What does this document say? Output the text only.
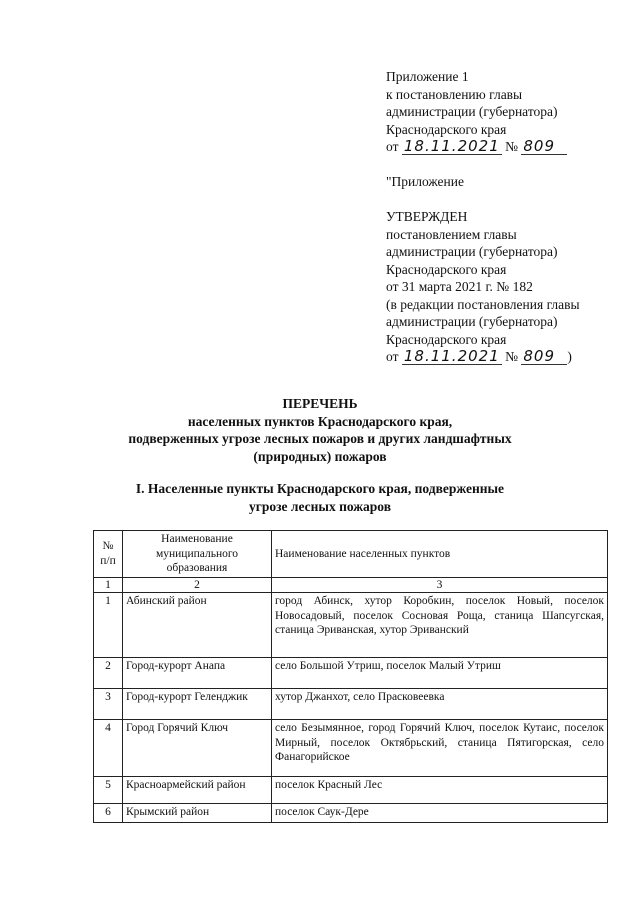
Приложение 1
к постановлению главы
администрации (губернатора)
Краснодарского края
от 18.11.2021 № 809
"Приложение
УТВЕРЖДЕН
постановлением главы
администрации (губернатора)
Краснодарского края
от 31 марта 2021 г. № 182
(в редакции постановления главы
администрации (губернатора)
Краснодарского края
от 18.11.2021 № 809 )
ПЕРЕЧЕНЬ
населенных пунктов Краснодарского края,
подверженных угрозе лесных пожаров и других ландшафтных
(природных) пожаров
I. Населенные пункты Краснодарского края, подверженные
угрозе лесных пожаров
№ п/п	Наименование муниципального образования	Наименование населенных пунктов
1	2	3
1	Абинский район	город Абинск, хутор Коробкин, поселок Новый, поселок Новосадовый, поселок Сосновая Роща, станица Шапсугская, станица Эриванская, хутор Эриванский
2	Город-курорт Анапа	село Большой Утриш, поселок Малый Утриш
3	Город-курорт Геленджик	хутор Джанхот, село Прасковеевка
4	Город Горячий Ключ	село Безымянное, город Горячий Ключ, поселок Кутаис, поселок Мирный, поселок Октябрьский, станица Пятигорская, село Фанагорийское
5	Красноармейский район	поселок Красный Лес
6	Крымский район	поселок Саук-Дере
